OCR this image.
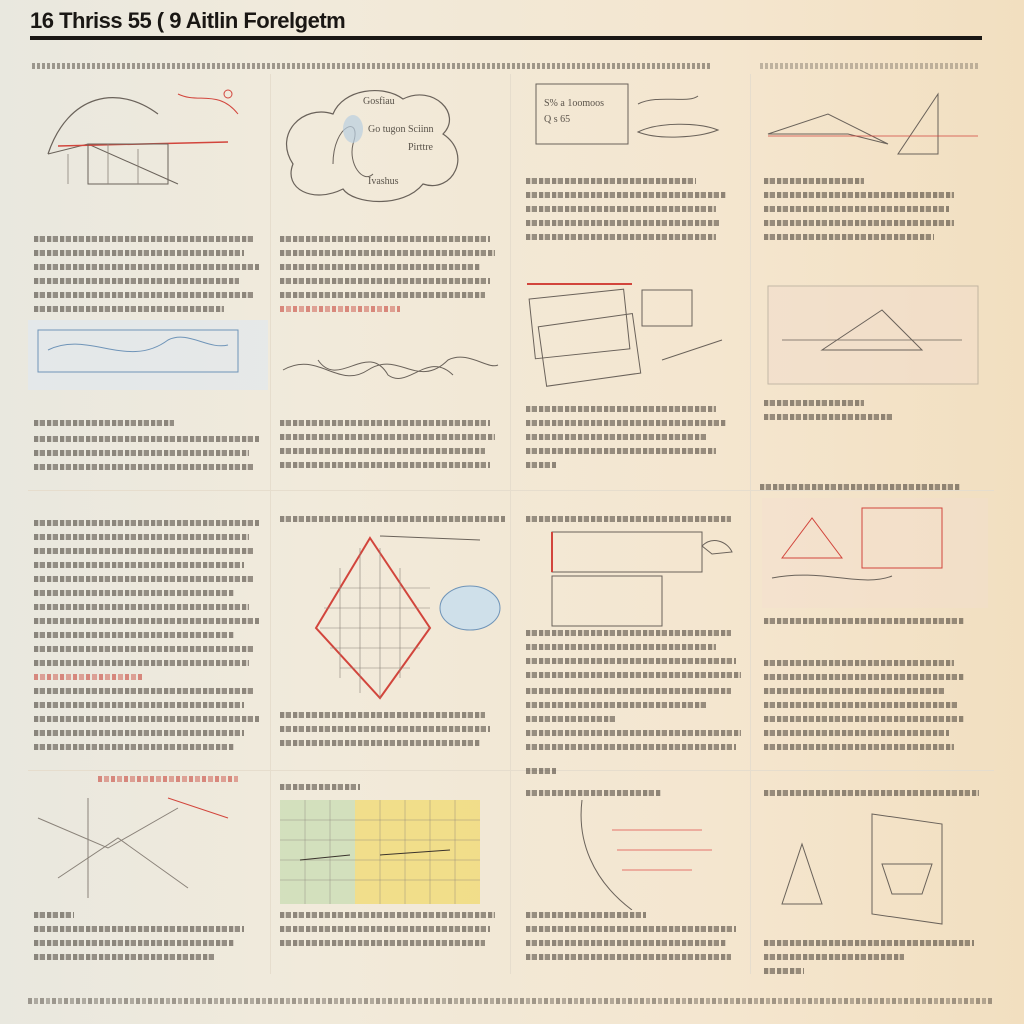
16 Thriss 55 ( 9 Aitlin Forelgetm
Gosfiau
Go tugon Sciinn
Pirttre
Ivashus
S% a 1oomoos
Q s 65
